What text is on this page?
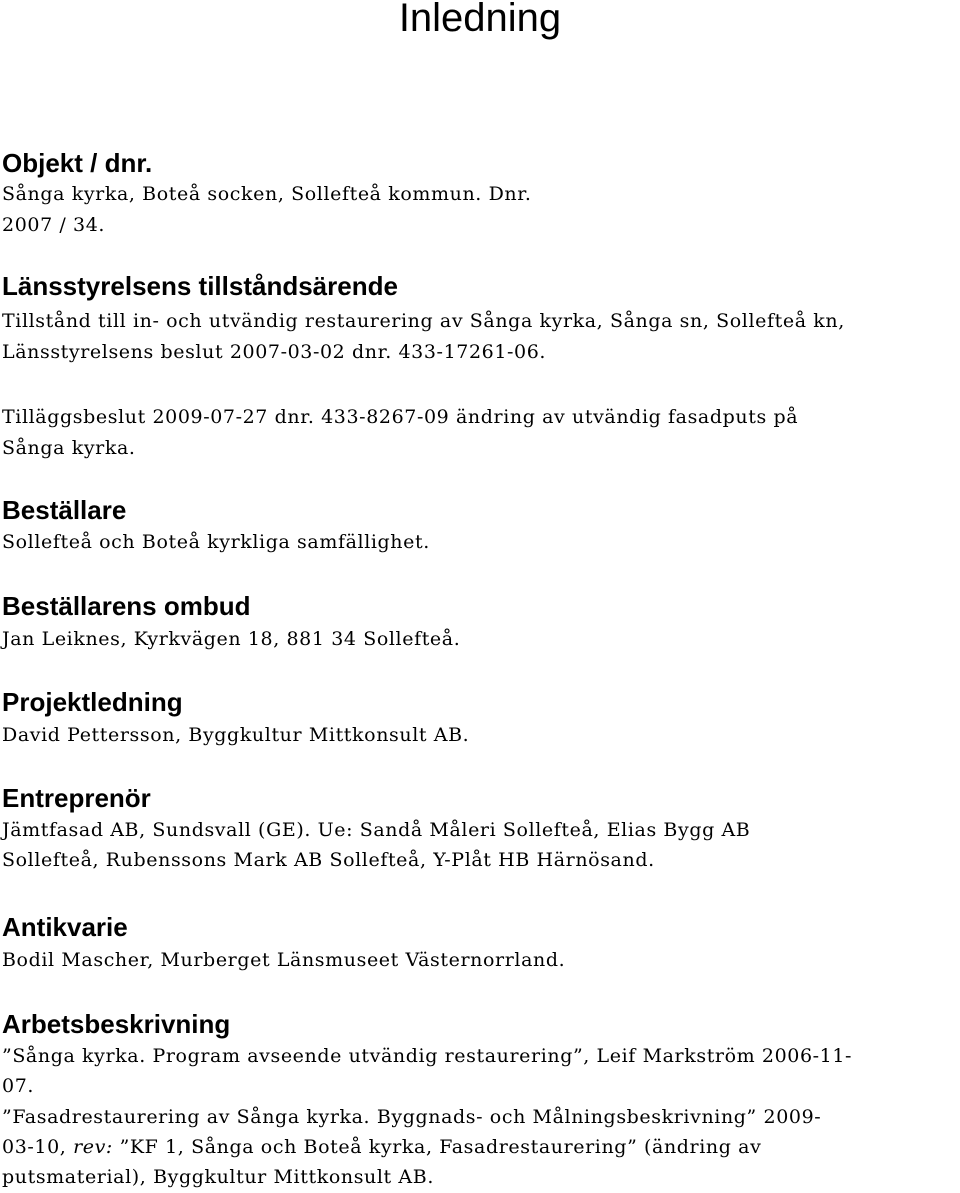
Inledning
Objekt / dnr.

Sånga kyrka, Boteå socken, Sollefteå kommun. Dnr.

2007 / 34.

Länsstyrelsens tillståndsärende

Tillstånd till in- och utvändig restaurering av Sånga kyrka, Sånga sn, Sollefteå kn,

Länsstyrelsens beslut 2007-03-02 dnr. 433-17261-06.

Tilläggsbeslut 2009-07-27 dnr. 433-8267-09 ändring av utvändig fasadputs på

Sånga kyrka.

Beställare

Sollefteå och Boteå kyrkliga samfällighet.

Beställarens ombud

Jan Leiknes, Kyrkvägen 18, 881 34 Sollefteå.

Projektledning

David Pettersson, Byggkultur Mittkonsult AB.

Entreprenör

Jämtfasad AB, Sundsvall (GE). Ue: Sandå Måleri Sollefteå, Elias Bygg AB

Sollefteå, Rubenssons Mark AB Sollefteå, Y-Plåt HB Härnösand.

Antikvarie

Bodil Mascher, Murberget Länsmuseet Västernorrland.

Arbetsbeskrivning

”Sånga kyrka. Program avseende utvändig restaurering”, Leif Markström 2006-11-

07.

”Fasadrestaurering av Sånga kyrka. Byggnads- och Målningsbeskrivning” 2009-

03-10, rev: ”KF 1, Sånga och Boteå kyrka, Fasadrestaurering” (ändring av

putsmaterial), Byggkultur Mittkonsult AB.
